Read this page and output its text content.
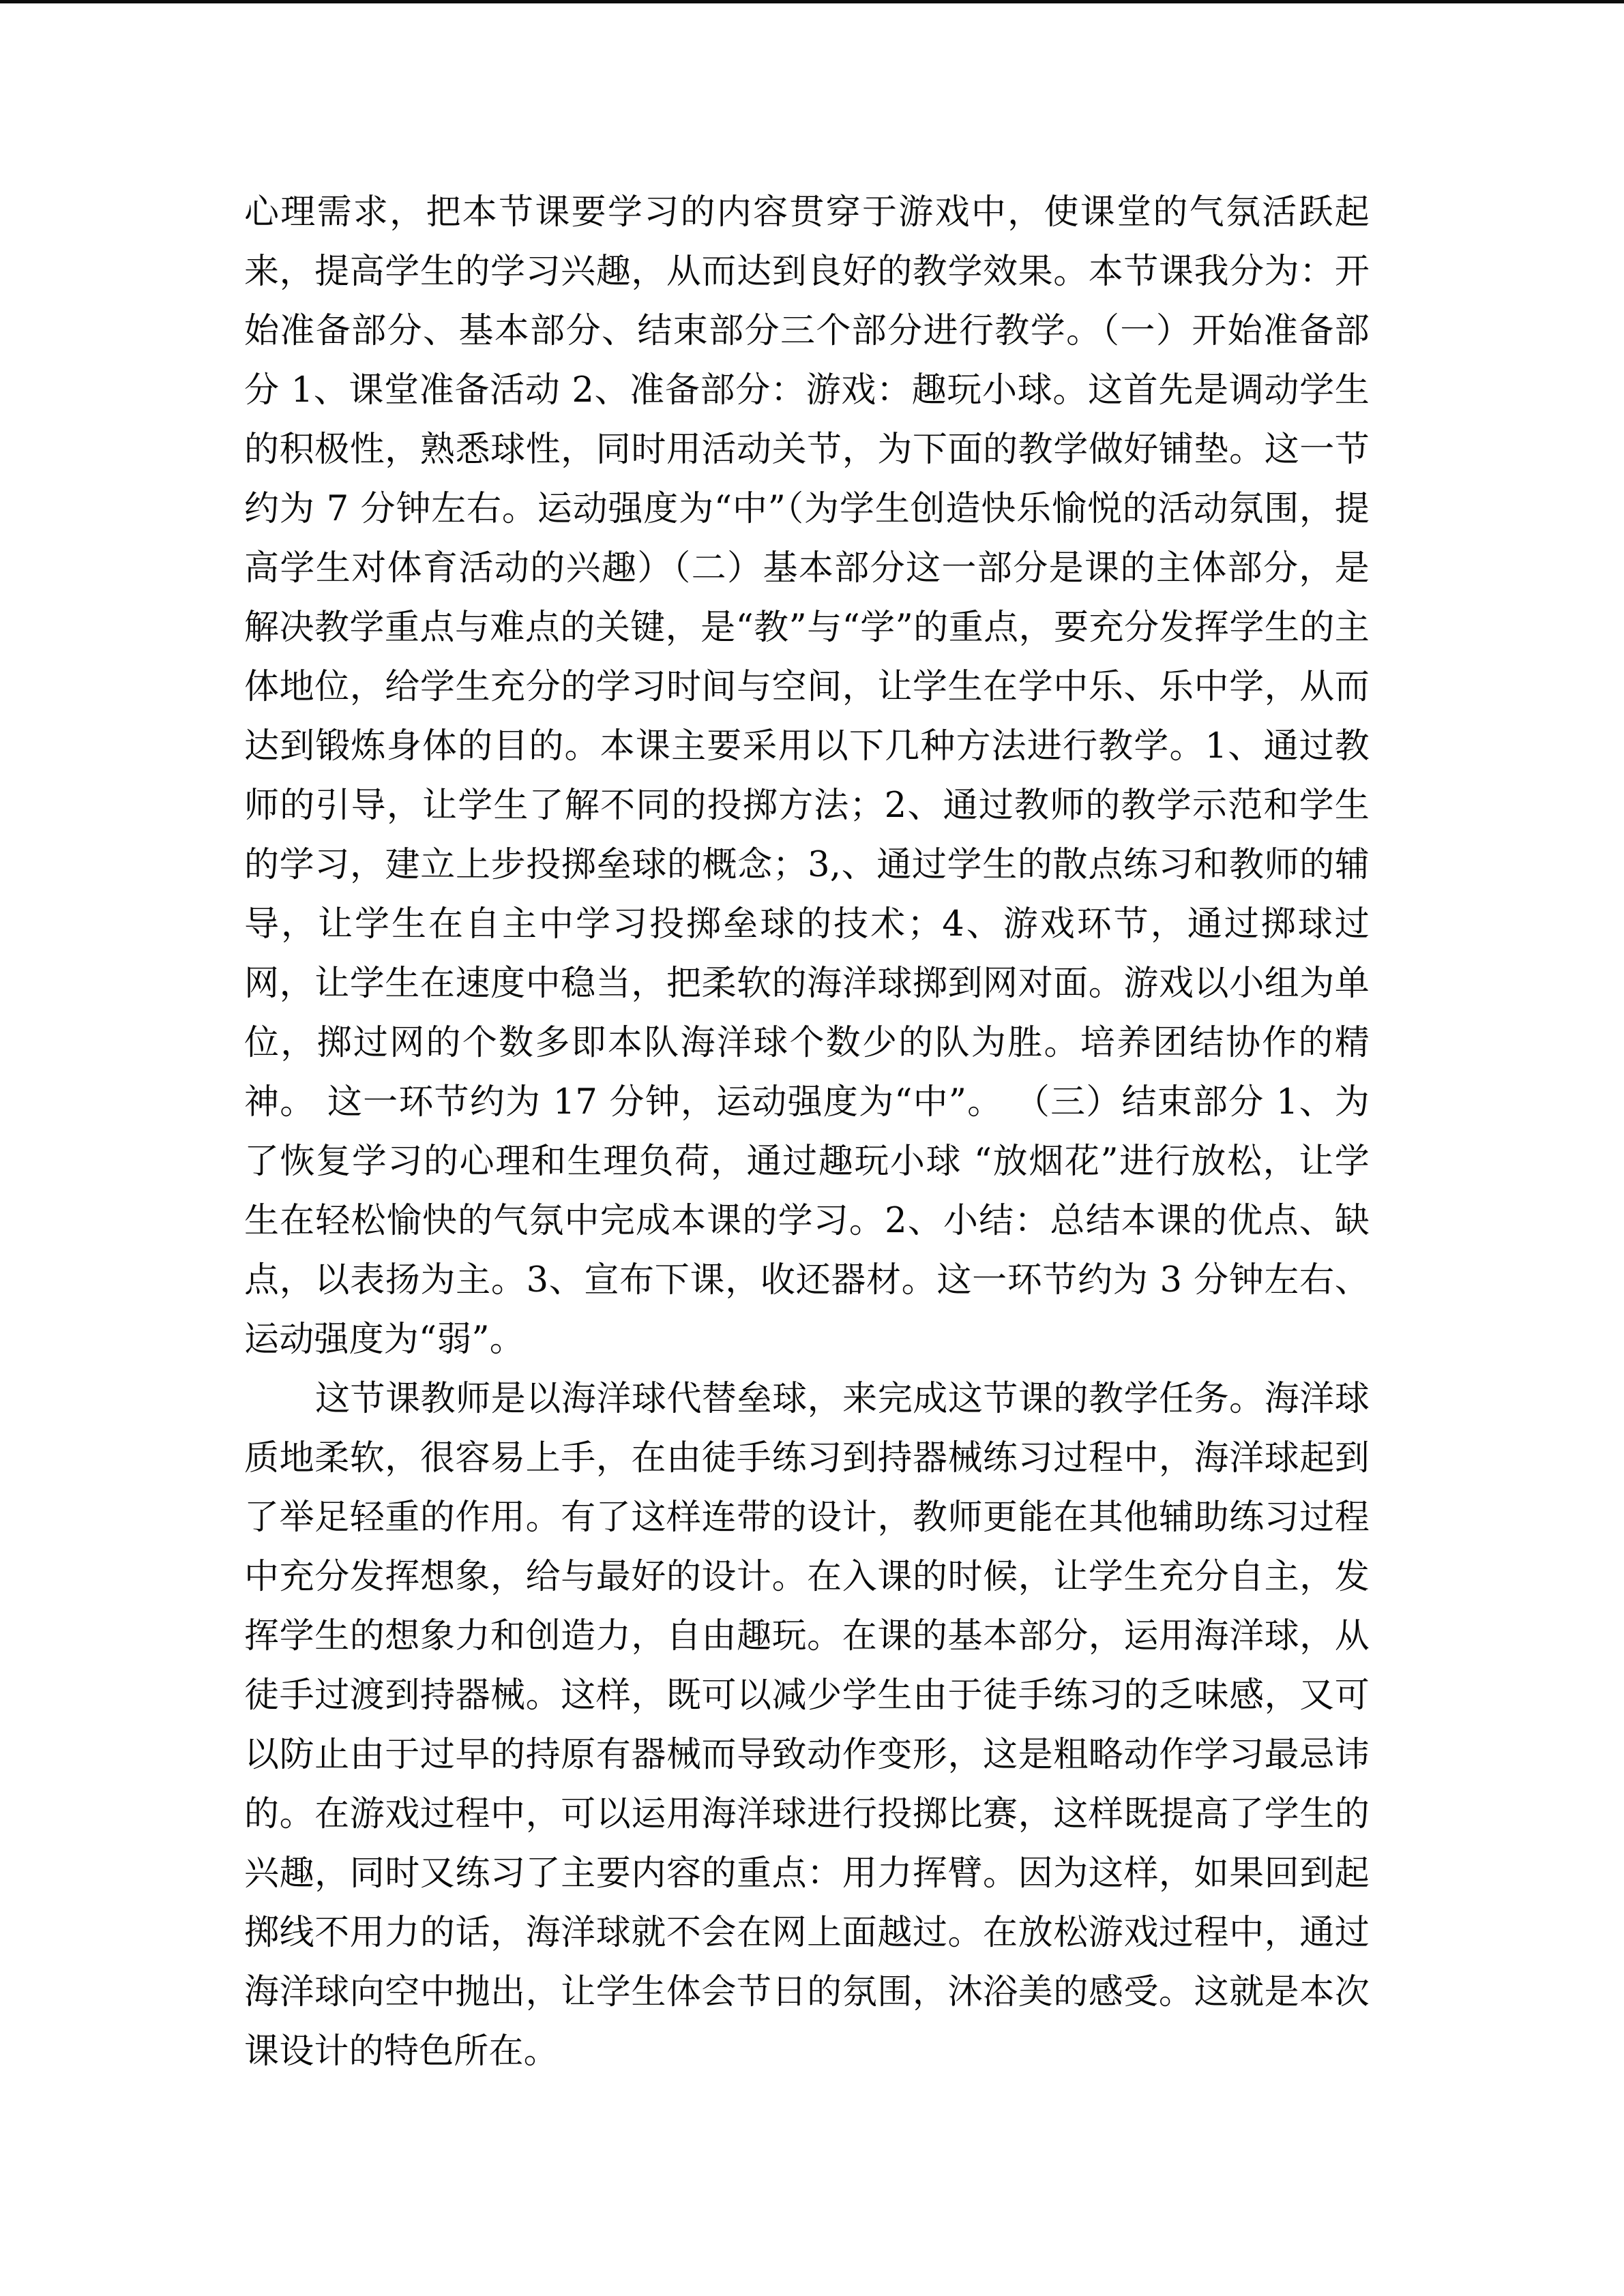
心理需求，把本节课要学习的内容贯穿于游戏中，使课堂的气氛活跃起来，提高学生的学习兴趣，从而达到良好的教学效果。本节课我分为：开始准备部分、基本部分、结束部分三个部分进行教学。（一）开始准备部分 1、课堂准备活动 2、准备部分：游戏：趣玩小球。这首先是调动学生的积极性，熟悉球性，同时用活动关节，为下面的教学做好铺垫。这一节约为 7 分钟左右。运动强度为“中”（为学生创造快乐愉悦的活动氛围，提高学生对体育活动的兴趣）（二）基本部分这一部分是课的主体部分，是解决教学重点与难点的关键，是“教”与“学”的重点，要充分发挥学生的主体地位，给学生充分的学习时间与空间，让学生在学中乐、乐中学，从而达到锻炼身体的目的。本课主要采用以下几种方法进行教学。1、通过教师的引导，让学生了解不同的投掷方法；2、通过教师的教学示范和学生的学习，建立上步投掷垒球的概念；3,、通过学生的散点练习和教师的辅导，让学生在自主中学习投掷垒球的技术；4、游戏环节，通过掷球过网，让学生在速度中稳当，把柔软的海洋球掷到网对面。游戏以小组为单位，掷过网的个数多即本队海洋球个数少的队为胜。培养团结协作的精神。 这一环节约为 17 分钟，运动强度为“中”。 （三）结束部分 1、为了恢复学习的心理和生理负荷，通过趣玩小球 “放烟花”进行放松，让学生在轻松愉快的气氛中完成本课的学习。2、小结：总结本课的优点、缺点，以表扬为主。3、宣布下课，收还器材。这一环节约为 3 分钟左右、运动强度为“弱”。

这节课教师是以海洋球代替垒球，来完成这节课的教学任务。海洋球质地柔软，很容易上手，在由徒手练习到持器械练习过程中，海洋球起到了举足轻重的作用。有了这样连带的设计，教师更能在其他辅助练习过程中充分发挥想象，给与最好的设计。在入课的时候，让学生充分自主，发挥学生的想象力和创造力，自由趣玩。在课的基本部分，运用海洋球，从徒手过渡到持器械。这样，既可以减少学生由于徒手练习的乏味感，又可以防止由于过早的持原有器械而导致动作变形，这是粗略动作学习最忌讳的。在游戏过程中，可以运用海洋球进行投掷比赛，这样既提高了学生的兴趣，同时又练习了主要内容的重点：用力挥臂。因为这样，如果回到起掷线不用力的话，海洋球就不会在网上面越过。在放松游戏过程中，通过海洋球向空中抛出，让学生体会节日的氛围，沐浴美的感受。这就是本次课设计的特色所在。
